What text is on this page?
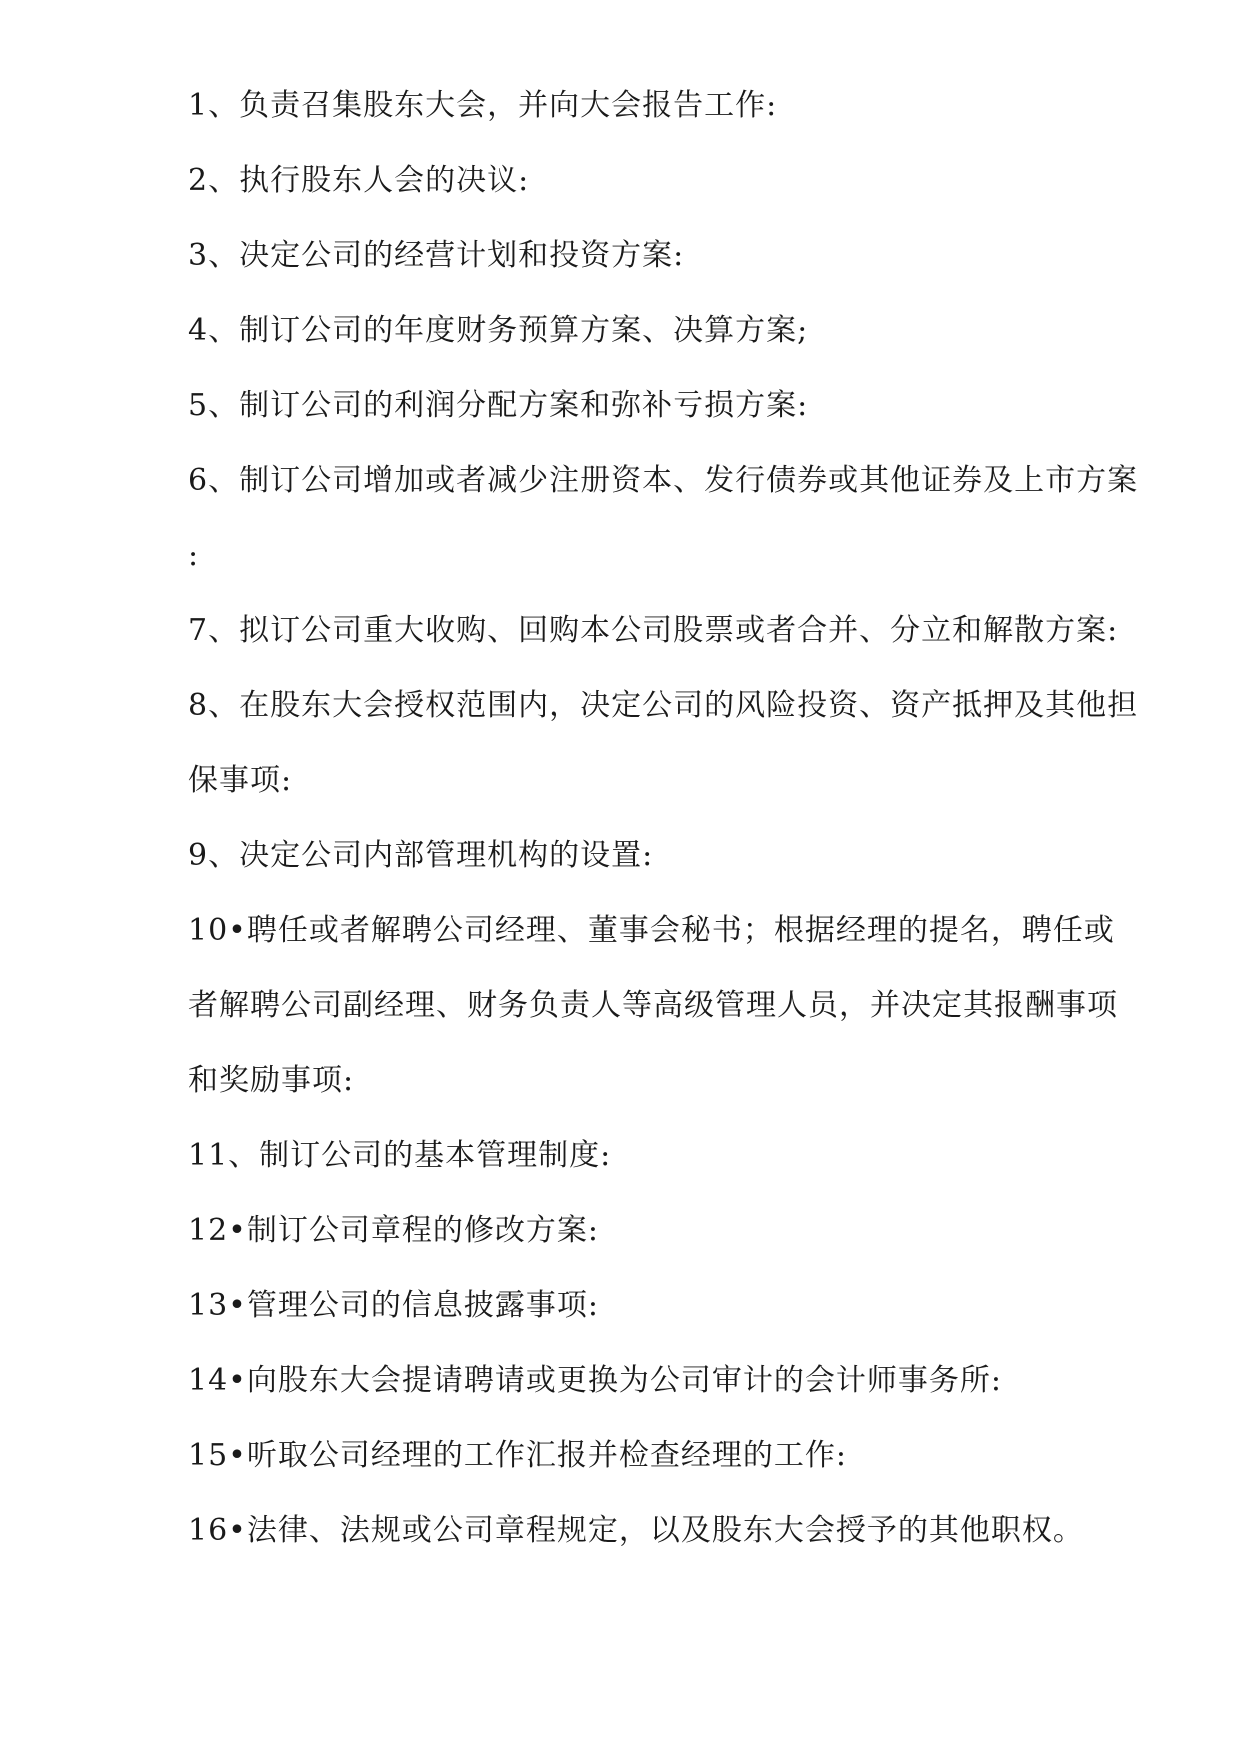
1、负责召集股东大会，并向大会报告工作:
2、执行股东人会的决议:
3、决定公司的经营计划和投资方案:
4、制订公司的年度财务预算方案、决算方案;
5、制订公司的利润分配方案和弥补亏损方案:
6、制订公司增加或者减少注册资本、发行债券或其他证券及上市方案
:
7、拟订公司重大收购、回购本公司股票或者合并、分立和解散方案:
8、在股东大会授权范围内，决定公司的风险投资、资产抵押及其他担
保事项:
9、决定公司内部管理机构的设置:
10•聘任或者解聘公司经理、董事会秘书；根据经理的提名，聘任或
者解聘公司副经理、财务负责人等高级管理人员，并决定其报酬事项
和奖励事项:
11、制订公司的基本管理制度:
12•制订公司章程的修改方案:
13•管理公司的信息披露事项:
14•向股东大会提请聘请或更换为公司审计的会计师事务所:
15•听取公司经理的工作汇报并检查经理的工作:
16•法律、法规或公司章程规定，以及股东大会授予的其他职权。
